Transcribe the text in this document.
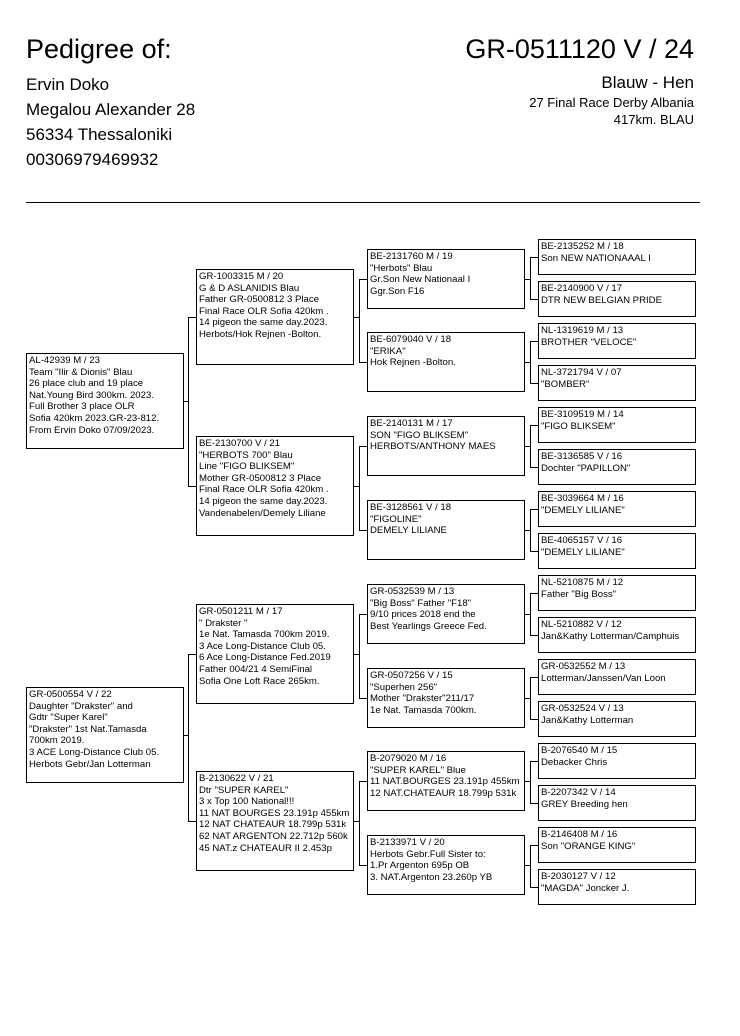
Pedigree of:	GR-0511120 V / 24
Ervin Doko
Megalou Alexander 28
56334 Thessaloniki
00306979469932
Blauw - Hen
27 Final Race Derby Albania
417km. BLAU
AL-42939 M / 23
Team "Ilir & Dionis" Blau
26 place club and 19 place
Nat.Young Bird 300km. 2023.
Full Brother 3 place OLR
Sofia 420km 2023.GR-23-812.
From Ervin Doko 07/09/2023.
GR-0500554 V / 22
Daughter "Drakster" and
Gdtr "Super Karel"
"Drakster" 1st Nat.Tamasda
700km 2019.
3 ACE Long-Distance Club 05.
Herbots Gebr/Jan Lotterman
GR-1003315 M / 20
G & D ASLANIDIS Blau
Father GR-0500812 3 Place
Final Race OLR Sofia 420km .
14 pigeon the same day.2023.
Herbots/Hok Rejnen -Bolton.
BE-2130700 V / 21
"HERBOTS 700" Blau
Line "FIGO BLIKSEM"
Mother GR-0500812 3 Place
Final Race OLR Sofia 420km .
14 pigeon the same day.2023.
Vandenabelen/Demely Liliane
GR-0501211 M / 17
" Drakster "
1e Nat. Tamasda 700km 2019.
3 Ace Long-Distance Club 05.
6 Ace Long-Distance Fed.2019
Father 004/21 4 SemiFinal
Sofia One Loft Race 265km.
B-2130622 V / 21
Dtr "SUPER KAREL"
3 x Top 100 National!!!
11 NAT BOURGES 23.191p 455km
12 NAT CHATEAUR 18.799p 531k
62 NAT ARGENTON 22.712p 560k
45 NAT.z CHATEAUR II 2.453p
BE-2131760 M / 19
"Herbots" Blau
Gr.Son New Nationaal I
Ggr.Son F16
BE-6079040 V / 18
"ERIKA"
Hok Rejnen -Bolton.
BE-2140131 M / 17
SON "FIGO BLIKSEM"
HERBOTS/ANTHONY MAES
BE-3128561 V / 18
"FIGOLINE"
DEMELY LILIANE
GR-0532539 M / 13
"Big Boss" Father "F18"
9/10 prices 2018 end the
Best Yearlings Greece Fed.
GR-0507256 V / 15
"Superhen 256"
Mother "Drakster"211/17
1e Nat. Tamasda 700km.
B-2079020 M / 16
"SUPER KAREL" Blue
11 NAT.BOURGES 23.191p 455km
12 NAT.CHATEAUR 18.799p 531k
B-2133971 V / 20
Herbots Gebr.Full Sister to:
1.Pr Argenton 695p OB
3. NAT.Argenton 23.260p YB
BE-2135252 M / 18
Son NEW NATIONAAAL I
BE-2140900 V / 17
DTR NEW BELGIAN PRIDE
NL-1319619 M / 13
BROTHER "VELOCE"
NL-3721794 V / 07
"BOMBER"
BE-3109519 M / 14
"FIGO BLIKSEM"
BE-3136585 V / 16
Dochter "PAPILLON"
BE-3039664 M / 16
"DEMELY LILIANE"
BE-4065157 V / 16
"DEMELY LILIANE"
NL-5210875 M / 12
Father "Big Boss"
NL-5210882 V / 12
Jan&Kathy Lotterman/Camphuis
GR-0532552 M / 13
Lotterman/Janssen/Van Loon
GR-0532524 V / 13
Jan&Kathy Lotterman
B-2076540 M / 15
Debacker Chris
B-2207342 V / 14
GREY Breeding hen
B-2146408 M / 16
Son "ORANGE KING"
B-2030127 V / 12
"MAGDA" Joncker J.
